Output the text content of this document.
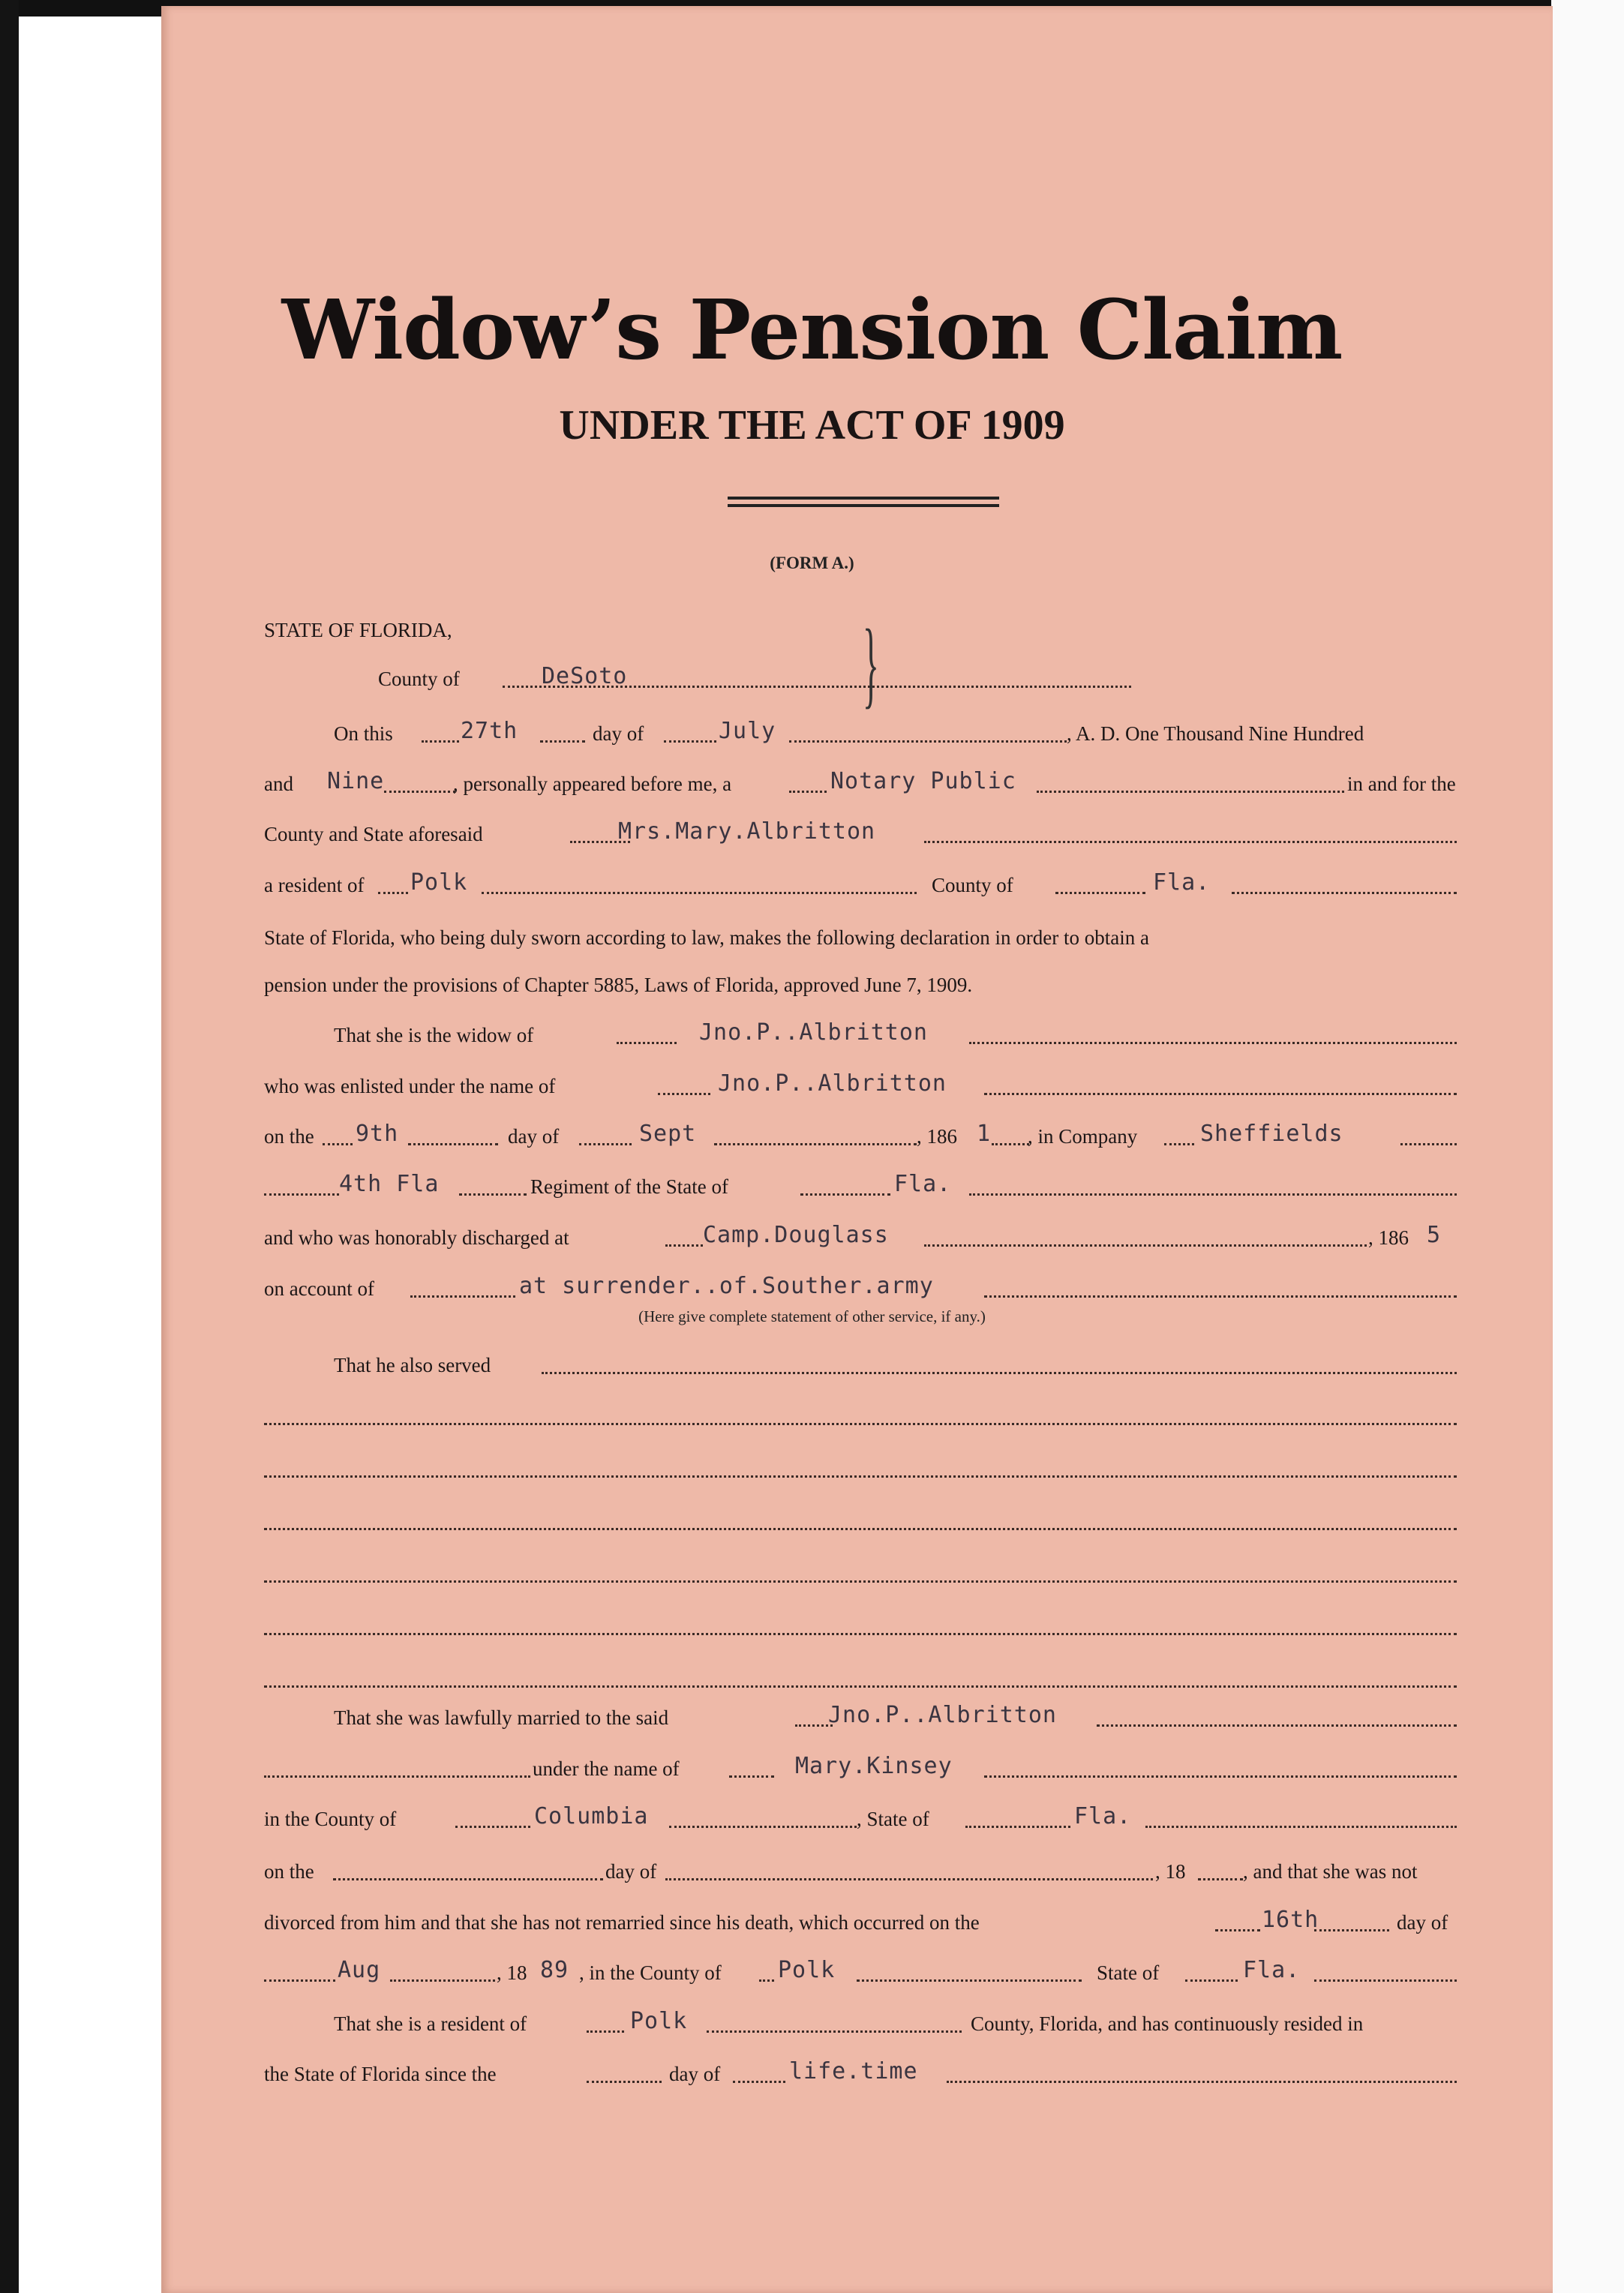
Widow’s Pension Claim
UNDER THE ACT OF 1909
(FORM A.)
STATE OF FLORIDA,	}
County of	DeSoto
On this	27th	day of	July	, A. D. One Thousand Nine Hundred
and Nine	, personally appeared before me, a	Notary Public	in and for the
County and State aforesaid	Mrs.Mary.Albritton
a resident of Polk	County of	Fla.
State of Florida, who being duly sworn according to law, makes the following declaration in order to obtain a
pension under the provisions of Chapter 5885, Laws of Florida, approved June 7, 1909.
That she is the widow of	Jno.P..Albritton
who was enlisted under the name of	Jno.P..Albritton
on the 9th	day of	Sept	, 186 1 , in Company	Sheffields
4th Fla	Regiment of the State of	Fla.
and who was honorably discharged at	Camp.Douglass	, 186 5
on account of	at surrender..of.Souther.army
(Here give complete statement of other service, if any.)
That he also served
That she was lawfully married to the said	Jno.P..Albritton
under the name of	Mary.Kinsey
in the County of	Columbia	, State of	Fla.
on the	day of	, 18	, and that she was not
divorced from him and that she has not remarried since his death, which occurred on the	16th	day of
Aug	, 18 89 , in the County of	Polk	State of	Fla.
That she is a resident of	Polk	County, Florida, and has continuously resided in
the State of Florida since the	day of	life.time
